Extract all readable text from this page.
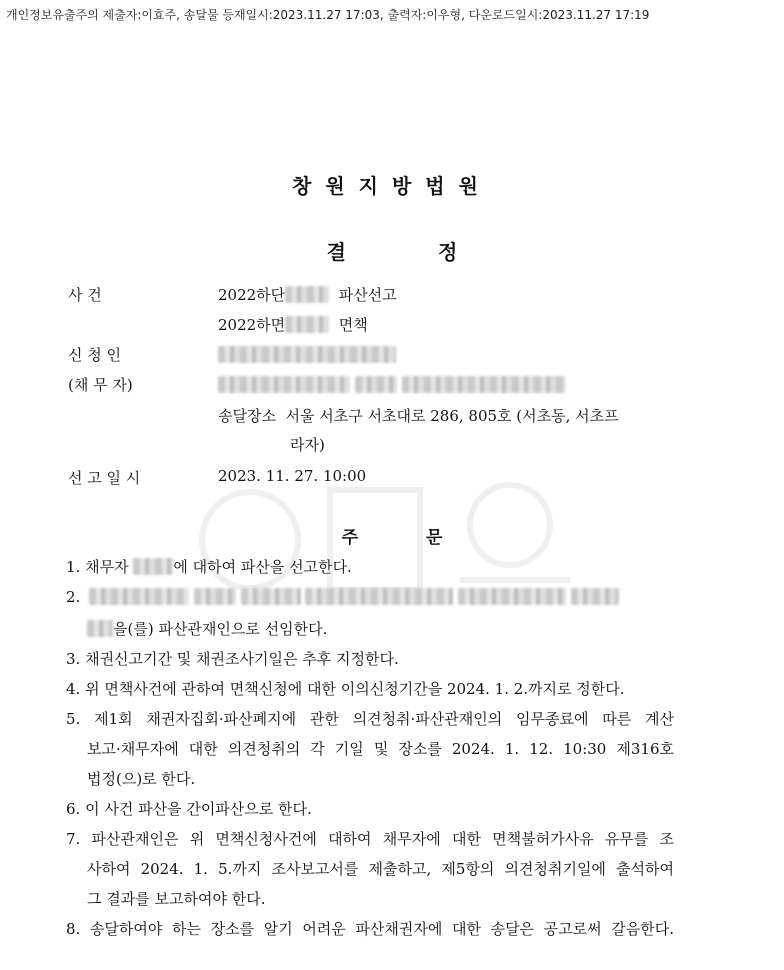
개인정보유출주의 제출자:이효주, 송달물 등재일시:2023.11.27 17:03, 출력자:이우형, 다운로드일시:2023.11.27 17:19
창원지방법원
결	정
사 건	2022하단	파산선고
2022하면	면책
신 청 인
(채 무 자)

송달장소 서울 서초구 서초대로 286, 805호 (서초동, 서초프
라자)
선 고 일 시	2023. 11. 27. 10:00
주	문
1. 채무자	에 대하여 파산을 선고한다.
2.
을(를) 파산관재인으로 선임한다.
3. 채권신고기간 및 채권조사기일은 추후 지정한다.
4. 위 면책사건에 관하여 면책신청에 대한 이의신청기간을 2024. 1. 2.까지로 정한다.
5. 제1회 채권자집회·파산폐지에 관한 의견청취·파산관재인의 임무종료에 따른 계산
보고·채무자에 대한 의견청취의 각 기일 및 장소를 2024. 1. 12. 10:30 제316호
법정(으)로 한다.
6. 이 사건 파산을 간이파산으로 한다.
7. 파산관재인은 위 면책신청사건에 대하여 채무자에 대한 면책불허가사유 유무를 조
사하여 2024. 1. 5.까지 조사보고서를 제출하고, 제5항의 의견청취기일에 출석하여
그 결과를 보고하여야 한다.
8. 송달하여야 하는 장소를 알기 어려운 파산채권자에 대한 송달은 공고로써 갈음한다.
